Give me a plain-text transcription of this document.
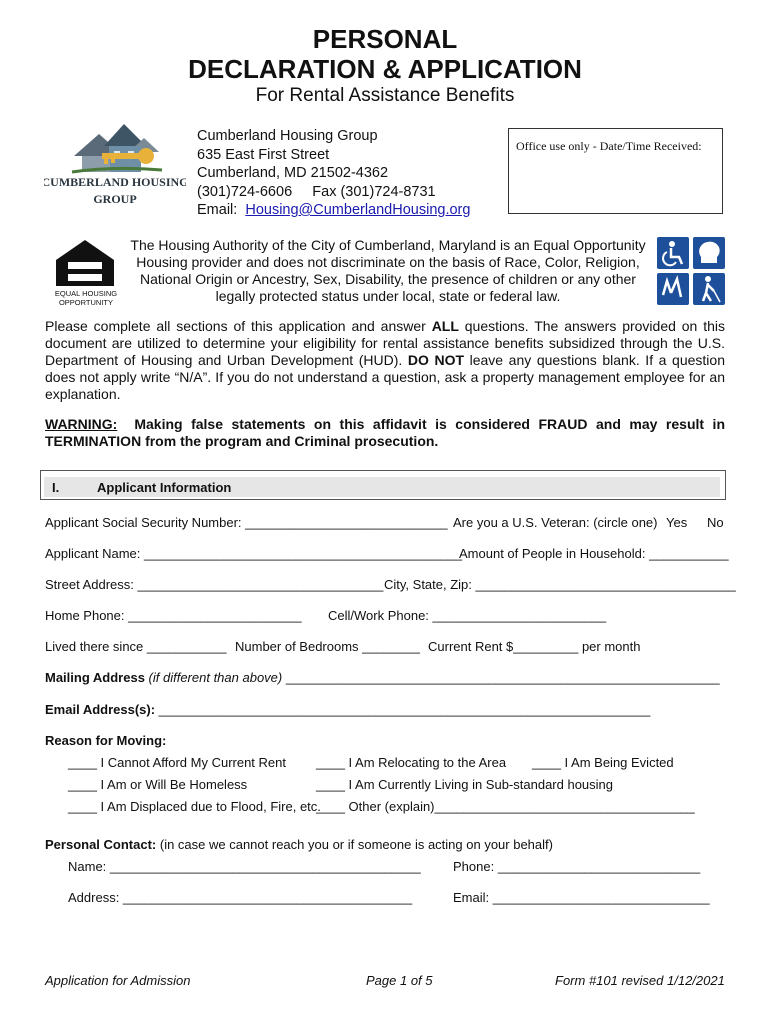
PERSONAL
DECLARATION & APPLICATION
For Rental Assistance Benefits
CUMBERLAND HOUSING
GROUP
Cumberland Housing Group
635 East First Street
Cumberland, MD 21502-4362
(301)724-6606     Fax (301)724-8731
Email:  Housing@CumberlandHousing.org
Office use only - Date/Time Received:
EQUAL HOUSING
OPPORTUNITY
The Housing Authority of the City of Cumberland, Maryland is an Equal Opportunity Housing provider and does not discriminate on the basis of Race, Color, Religion, National Origin or Ancestry, Sex, Disability, the presence of children or any other legally protected status under local, state or federal law.
Please complete all sections of this application and answer ALL questions. The answers provided on this document are utilized to determine your eligibility for rental assistance benefits subsidized through the U.S. Department of Housing and Urban Development (HUD). DO NOT leave any questions blank. If a question does not apply write “N/A”. If you do not understand a question, ask a property management employee for an explanation.
WARNING:  Making false statements on this affidavit is considered FRAUD and may result in TERMINATION from the program and Criminal prosecution.
I.	Applicant Information
Applicant Social Security Number: ____________________________ Are you a U.S. Veteran: (circle one) Yes No
Applicant Name: ____________________________________________
Amount of People in Household: ___________
Street Address: __________________________________ City, State, Zip: ____________________________________
Home Phone: ________________________ Cell/Work Phone: ________________________
Lived there since ___________ Number of Bedrooms ________ Current Rent $_________ per month
Mailing Address (if different than above) ____________________________________________________________
Email Address(s): ____________________________________________________________________
Reason for Moving:
____ I Cannot Afford My Current Rent ____ I Am Relocating to the Area ____ I Am Being Evicted
____ I Am or Will Be Homeless	____ I Am Currently Living in Sub-standard housing
____ I Am Displaced due to Flood, Fire, etc.
____ Other (explain)____________________________________
Personal Contact: (in case we cannot reach you or if someone is acting on your behalf)
Name: ___________________________________________ Phone: ____________________________
Address: ________________________________________	Email: ______________________________
Application for Admission	Page 1 of 5	Form #101 revised 1/12/2021
